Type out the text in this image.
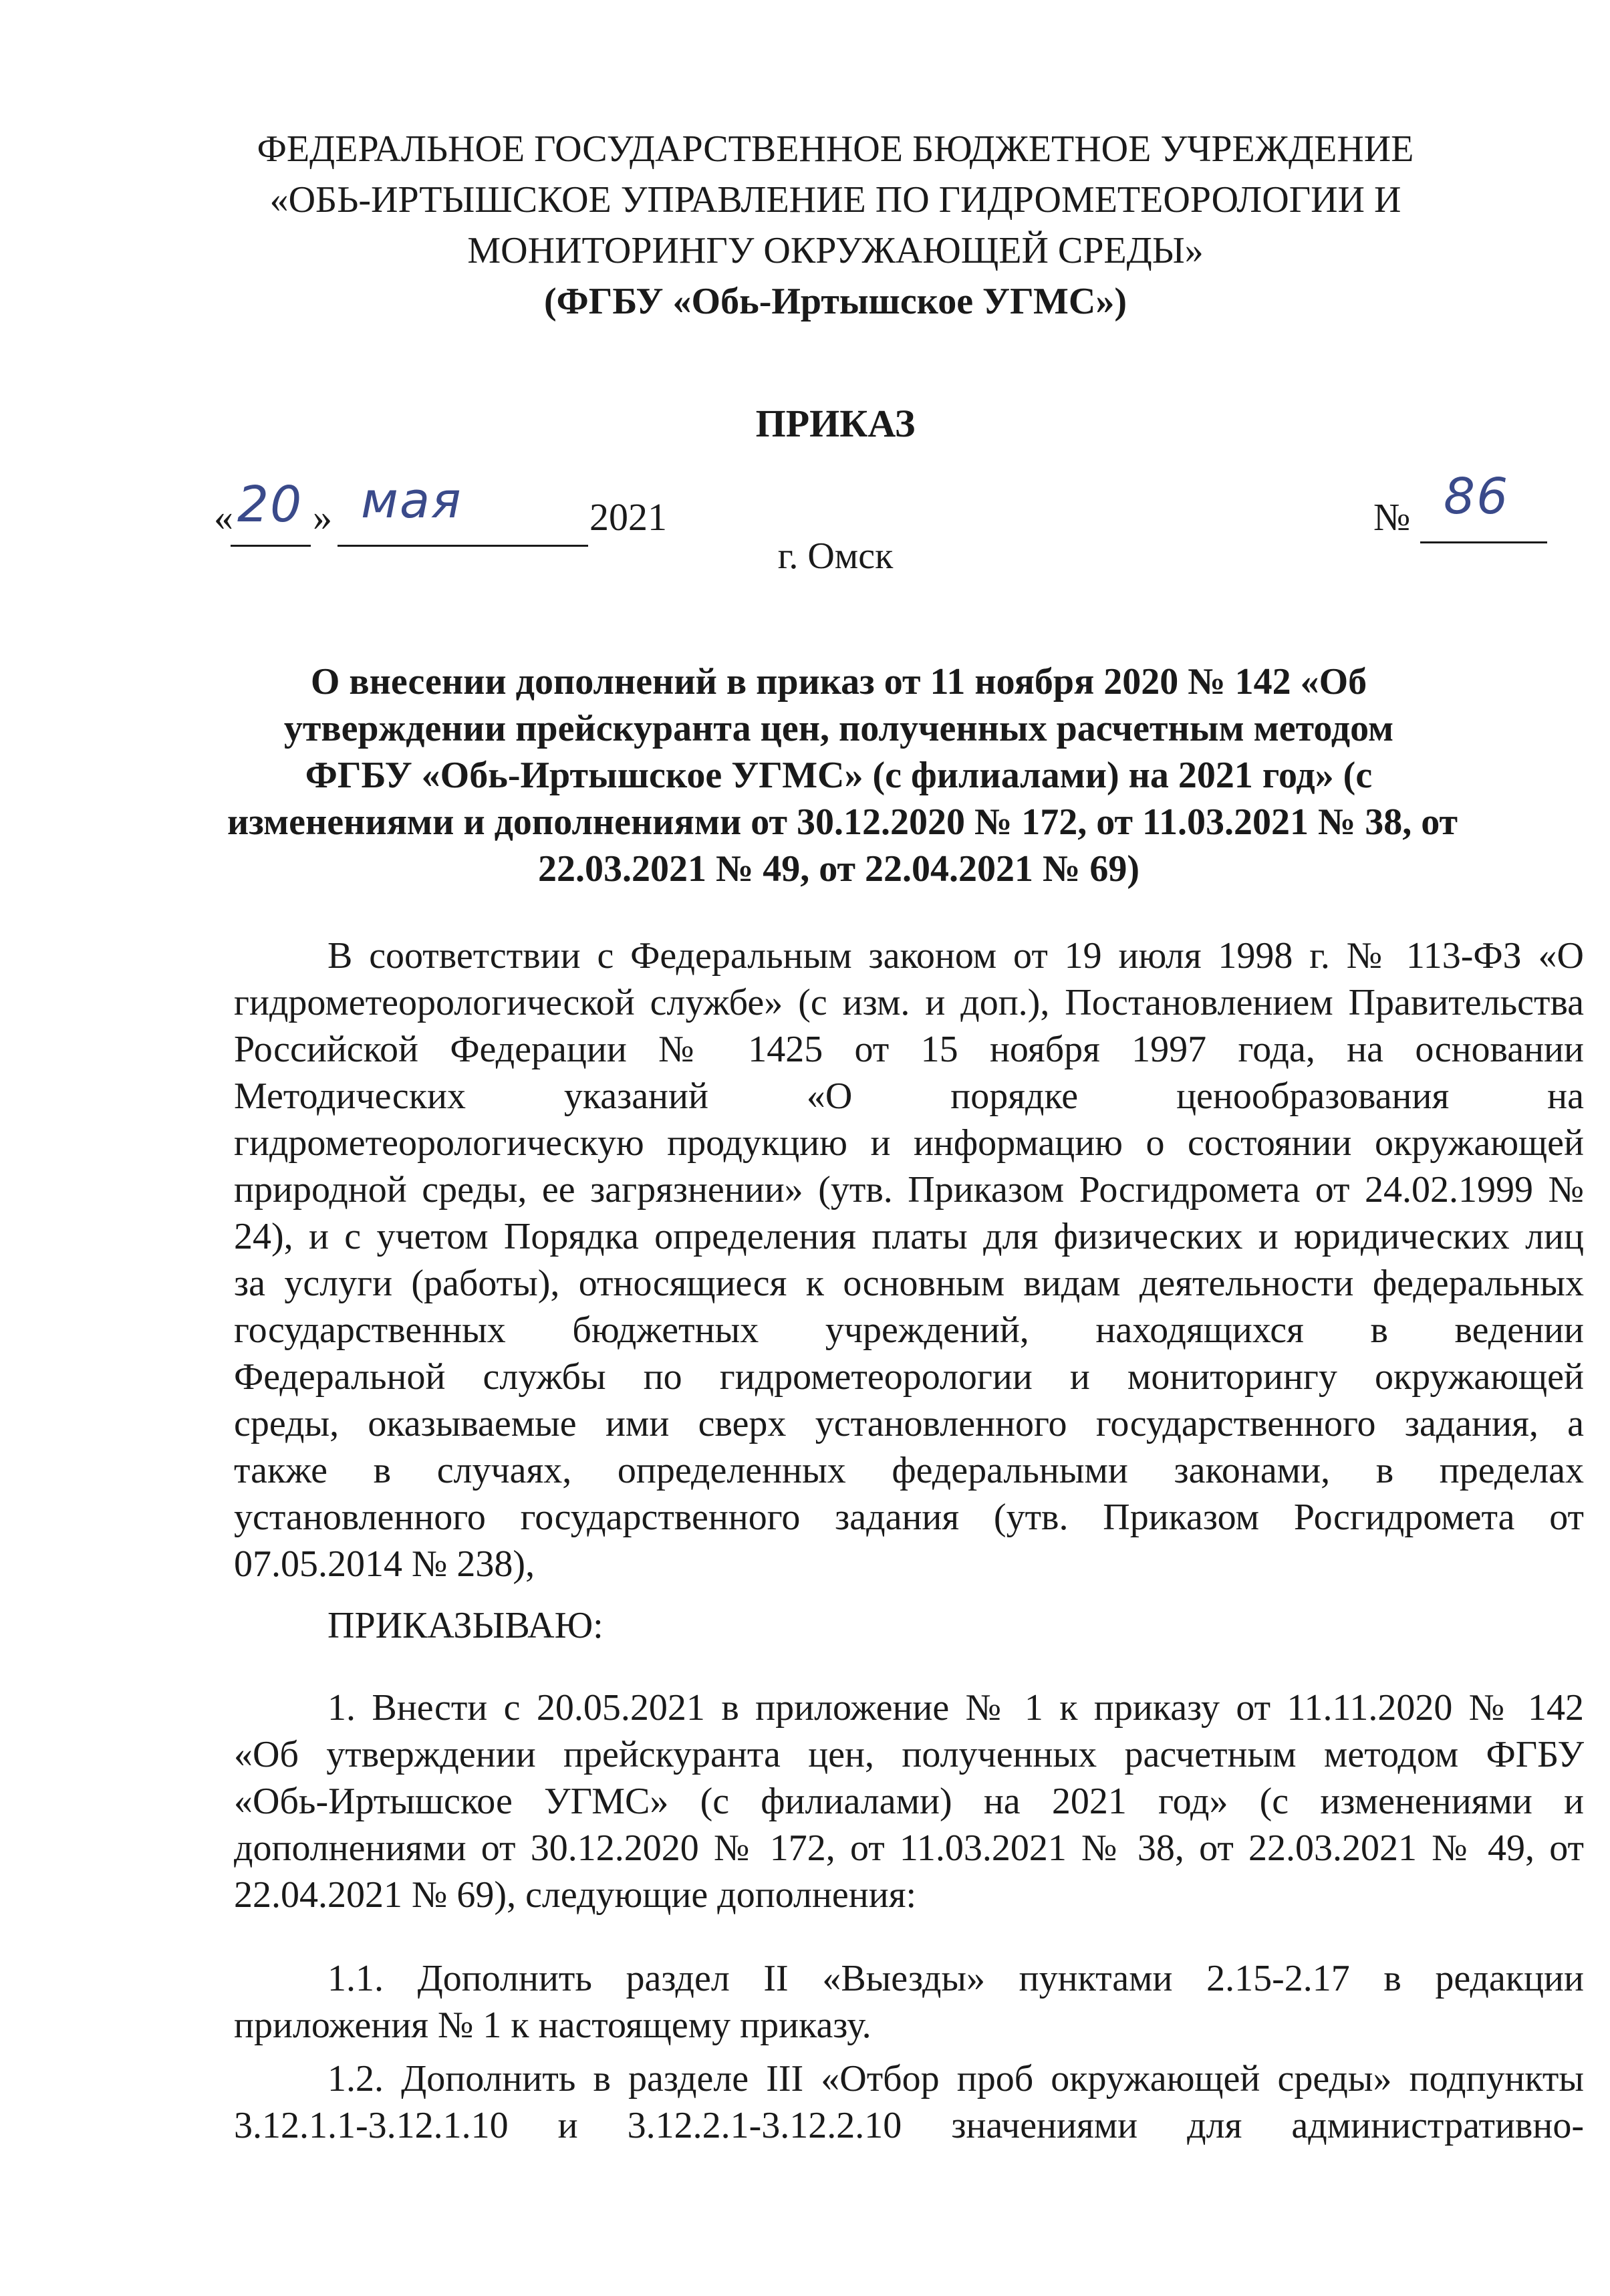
ФЕДЕРАЛЬНОЕ ГОСУДАРСТВЕННОЕ БЮДЖЕТНОЕ УЧРЕЖДЕНИЕ
«ОБЬ-ИРТЫШСКОЕ УПРАВЛЕНИЕ ПО ГИДРОМЕТЕОРОЛОГИИ И
МОНИТОРИНГУ ОКРУЖАЮЩЕЙ СРЕДЫ»
(ФГБУ «Обь-Иртышское УГМС»)
ПРИКАЗ
« 20 » мая	2021	№ 86
г. Омск
О внесении дополнений в приказ от 11 ноября 2020 № 142 «Об
утверждении прейскуранта цен, полученных расчетным методом
ФГБУ «Обь-Иртышское УГМС» (с филиалами) на 2021 год» (с
изменениями и дополнениями от 30.12.2020 № 172, от 11.03.2021 № 38, от
22.03.2021 № 49, от 22.04.2021 № 69)
В соответствии с Федеральным законом от 19 июля 1998 г. № 113-ФЗ «О
гидрометеорологической службе» (с изм. и доп.), Постановлением Правительства
Российской Федерации № 1425 от 15 ноября 1997 года, на основании
Методических указаний «О порядке ценообразования на
гидрометеорологическую продукцию и информацию о состоянии окружающей
природной среды, ее загрязнении» (утв. Приказом Росгидромета от 24.02.1999 №
24), и с учетом Порядка определения платы для физических и юридических лиц
за услуги (работы), относящиеся к основным видам деятельности федеральных
государственных бюджетных учреждений, находящихся в ведении
Федеральной службы по гидрометеорологии и мониторингу окружающей
среды, оказываемые ими сверх установленного государственного задания, а
также в случаях, определенных федеральными законами, в пределах
установленного государственного задания (утв. Приказом Росгидромета от
07.05.2014 № 238),
ПРИКАЗЫВАЮ:
1. Внести с 20.05.2021 в приложение № 1 к приказу от 11.11.2020 № 142
«Об утверждении прейскуранта цен, полученных расчетным методом ФГБУ
«Обь-Иртышское УГМС» (с филиалами) на 2021 год» (с изменениями и
дополнениями от 30.12.2020 № 172, от 11.03.2021 № 38, от 22.03.2021 № 49, от
22.04.2021 № 69), следующие дополнения:
1.1. Дополнить раздел II «Выезды» пунктами 2.15-2.17 в редакции
приложения № 1 к настоящему приказу.
1.2. Дополнить в разделе III «Отбор проб окружающей среды» подпункты
3.12.1.1-3.12.1.10 и 3.12.2.1-3.12.2.10 значениями для административно-
